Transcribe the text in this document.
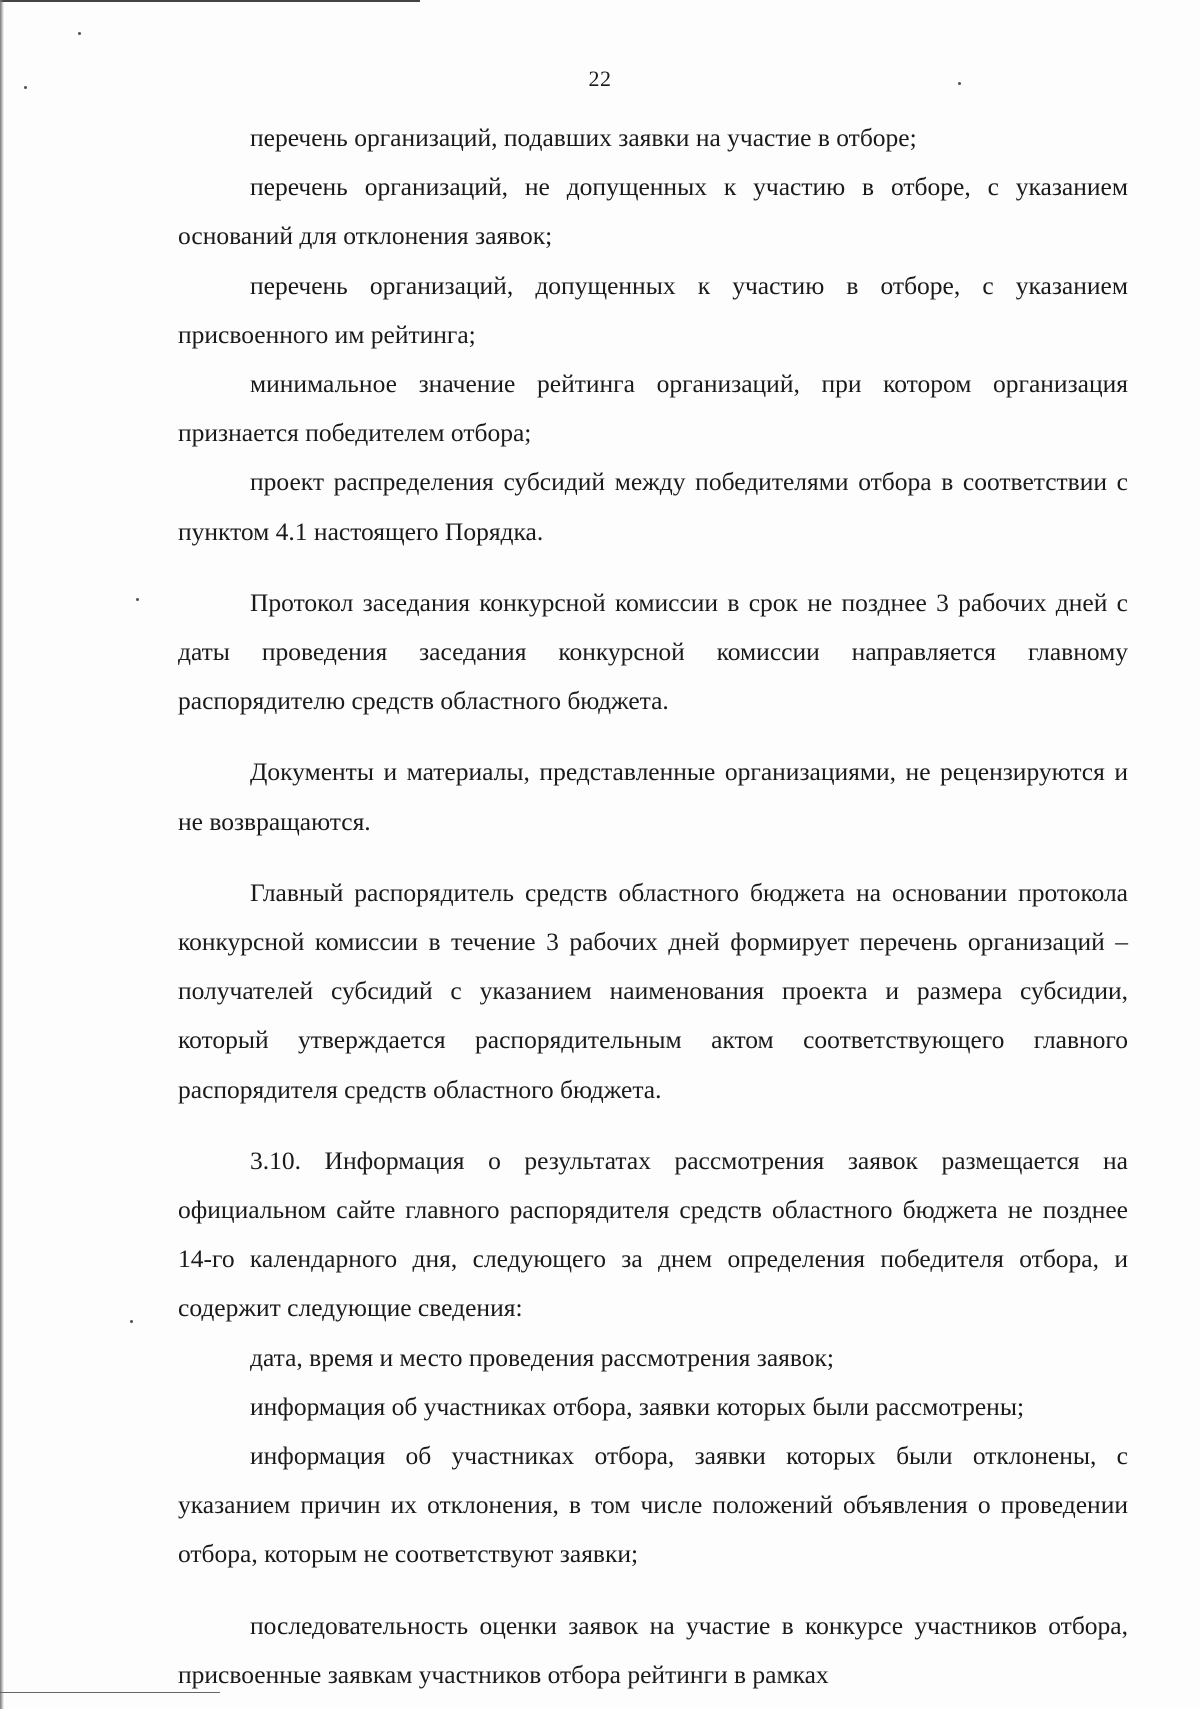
22

перечень организаций, подавших заявки на участие в отборе;

перечень организаций, не допущенных к участию в отборе, с указанием оснований для отклонения заявок;

перечень организаций, допущенных к участию в отборе, с указанием присвоенного им рейтинга;

минимальное значение рейтинга организаций, при котором организация признается победителем отбора;

проект распределения субсидий между победителями отбора в соответствии с пунктом 4.1 настоящего Порядка.

Протокол заседания конкурсной комиссии в срок не позднее 3 рабочих дней с даты проведения заседания конкурсной комиссии направляется главному распорядителю средств областного бюджета.

Документы и материалы, представленные организациями, не рецензируются и не возвращаются.

Главный распорядитель средств областного бюджета на основании протокола конкурсной комиссии в течение 3 рабочих дней формирует перечень организаций – получателей субсидий с указанием наименования проекта и размера субсидии, который утверждается распорядительным актом соответствующего главного распорядителя средств областного бюджета.

3.10. Информация о результатах рассмотрения заявок размещается на официальном сайте главного распорядителя средств областного бюджета не позднее 14-го календарного дня, следующего за днем определения победителя отбора, и содержит следующие сведения:

дата, время и место проведения рассмотрения заявок;

информация об участниках отбора, заявки которых были рассмотрены;

информация об участниках отбора, заявки которых были отклонены, с указанием причин их отклонения, в том числе положений объявления о проведении отбора, которым не соответствуют заявки;

последовательность оценки заявок на участие в конкурсе участников отбора, присвоенные заявкам участников отбора рейтинги в рамках
